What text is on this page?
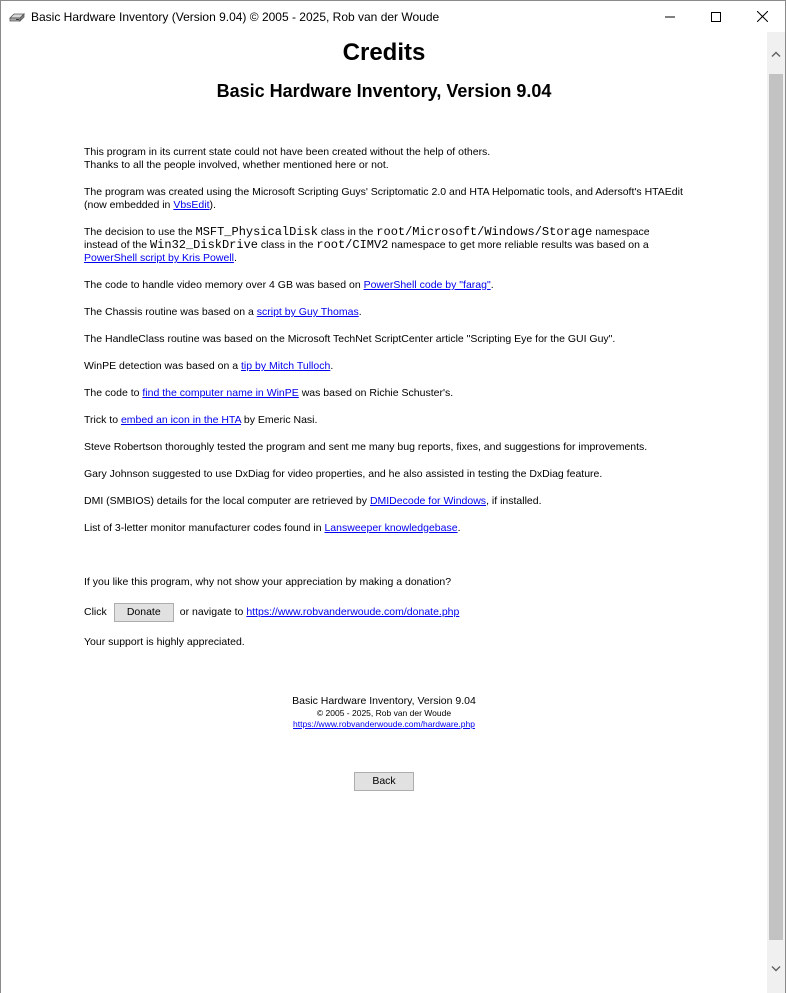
Basic Hardware Inventory (Version 9.04) © 2005 - 2025, Rob van der Woude
Credits
Basic Hardware Inventory, Version 9.04

This program in its current state could not have been created without the help of others.
Thanks to all the people involved, whether mentioned here or not.

The program was created using the Microsoft Scripting Guys' Scriptomatic 2.0 and HTA Helpomatic tools, and Adersoft's HTAEdit (now embedded in VbsEdit).

The decision to use the MSFT_PhysicalDisk class in the root/Microsoft/Windows/Storage namespace instead of the Win32_DiskDrive class in the root/CIMV2 namespace to get more reliable results was based on a PowerShell script by Kris Powell.

The code to handle video memory over 4 GB was based on PowerShell code by "farag".

The Chassis routine was based on a script by Guy Thomas.

The HandleClass routine was based on the Microsoft TechNet ScriptCenter article "Scripting Eye for the GUI Guy".

WinPE detection was based on a tip by Mitch Tulloch.

The code to find the computer name in WinPE was based on Richie Schuster's.

Trick to embed an icon in the HTA by Emeric Nasi.

Steve Robertson thoroughly tested the program and sent me many bug reports, fixes, and suggestions for improvements.

Gary Johnson suggested to use DxDiag for video properties, and he also assisted in testing the DxDiag feature.

DMI (SMBIOS) details for the local computer are retrieved by DMIDecode for Windows, if installed.

List of 3-letter monitor manufacturer codes found in Lansweeper knowledgebase.

If you like this program, why not show your appreciation by making a donation?

Click	Donate	or navigate to
https://www.robvanderwoude.com/donate.php

Your support is highly appreciated.

Basic Hardware Inventory, Version 9.04
© 2005 - 2025, Rob van der Woude
https://www.robvanderwoude.com/hardware.php
Back
